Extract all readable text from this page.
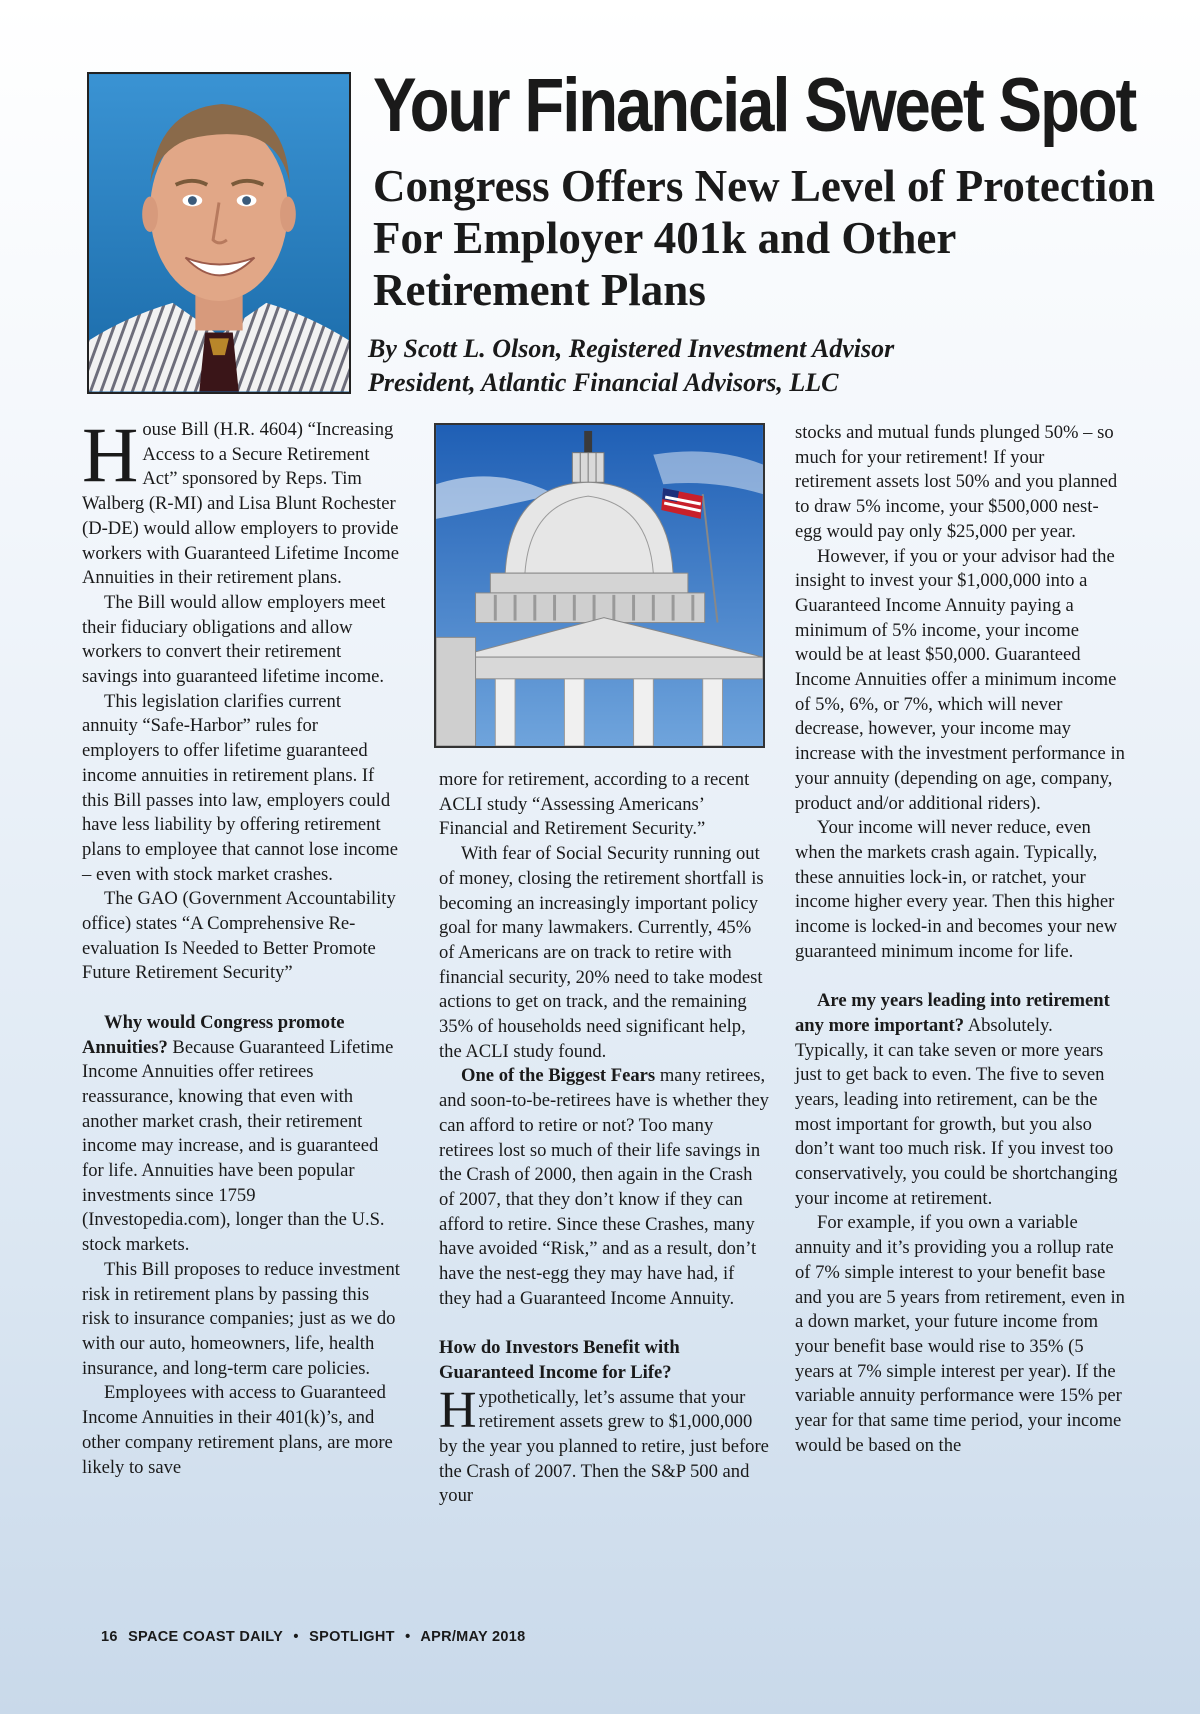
Your Financial Sweet Spot
Congress Offers New Level of Protection For Employer 401k and Other Retirement Plans
By Scott L. Olson, Registered Investment Advisor
President, Atlantic Financial Advisors, LLC

House Bill (H.R. 4604) “Increasing Access to a Secure Retirement Act” sponsored by Reps. Tim Walberg (R-MI) and Lisa Blunt Rochester (D-DE) would allow employers to provide workers with Guaranteed Lifetime Income Annuities in their retirement plans.

The Bill would allow employers meet their fiduciary obligations and allow workers to convert their retirement savings into guaranteed lifetime income.

This legislation clarifies current annuity “Safe-Harbor” rules for employers to offer lifetime guaranteed income annuities in retirement plans. If this Bill passes into law, employers could have less liability by offering retirement plans to employee that cannot lose income – even with stock market crashes.

The GAO (Government Accountability office) states “A Comprehensive Re-evaluation Is Needed to Better Promote Future Retirement Security”

Why would Congress promote Annuities? Because Guaranteed Lifetime Income Annuities offer retirees reassurance, knowing that even with another market crash, their retirement income may increase, and is guaranteed for life. Annuities have been popular investments since 1759 (Investopedia.com), longer than the U.S. stock markets.

This Bill proposes to reduce investment risk in retirement plans by passing this risk to insurance companies; just as we do with our auto, homeowners, life, health insurance, and long-term care policies.

Employees with access to Guaranteed Income Annuities in their 401(k)’s, and other company retirement plans, are more likely to save

more for retirement, according to a recent ACLI study “Assessing Americans’ Financial and Retirement Security.”

With fear of Social Security running out of money, closing the retirement shortfall is becoming an increasingly important policy goal for many lawmakers. Currently, 45% of Americans are on track to retire with financial security, 20% need to take modest actions to get on track, and the remaining 35% of households need significant help, the ACLI study found.

One of the Biggest Fears many retirees, and soon-to-be-retirees have is whether they can afford to retire or not? Too many retirees lost so much of their life savings in the Crash of 2000, then again in the Crash of 2007, that they don’t know if they can afford to retire. Since these Crashes, many have avoided “Risk,” and as a result, don’t have the nest-egg they may have had, if they had a Guaranteed Income Annuity.

How do Investors Benefit with Guaranteed Income for Life?

Hypothetically, let’s assume that your retirement assets grew to $1,000,000 by the year you planned to retire, just before the Crash of 2007. Then the S&P 500 and your

stocks and mutual funds plunged 50% – so much for your retirement! If your retirement assets lost 50% and you planned to draw 5% income, your $500,000 nest-egg would pay only $25,000 per year.

However, if you or your advisor had the insight to invest your $1,000,000 into a Guaranteed Income Annuity paying a minimum of 5% income, your income would be at least $50,000. Guaranteed Income Annuities offer a minimum income of 5%, 6%, or 7%, which will never decrease, however, your income may increase with the investment performance in your annuity (depending on age, company, product and/or additional riders).

Your income will never reduce, even when the markets crash again. Typically, these annuities lock-in, or ratchet, your income higher every year. Then this higher income is locked-in and becomes your new guaranteed minimum income for life.

Are my years leading into retirement any more important? Absolutely. Typically, it can take seven or more years just to get back to even. The five to seven years, leading into retirement, can be the most important for growth, but you also don’t want too much risk. If you invest too conservatively, you could be shortchanging your income at retirement.

For example, if you own a variable annuity and it’s providing you a rollup rate of 7% simple interest to your benefit base and you are 5 years from retirement, even in a down market, your future income from your benefit base would rise to 35% (5 years at 7% simple interest per year). If the variable annuity performance were 15% per year for that same time period, your income would be based on the

16 SPACE COAST DAILY • SPOTLIGHT • APR/MAY 2018
